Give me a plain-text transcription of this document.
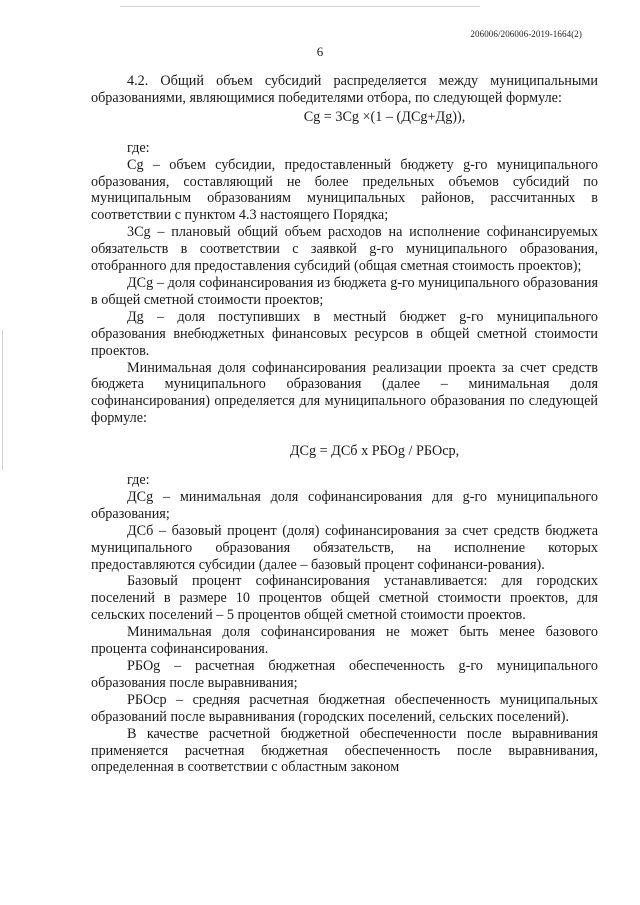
206006/206006-2019-1664(2)
6

4.2. Общий объем субсидий распределяется между муниципальными образованиями, являющимися победителями отбора, по следующей формуле:

Cg = 3Cg ×(1 – (ДCg+Дg)),

где:

Cg – объем субсидии, предоставленный бюджету g-го муниципального образования, составляющий не более предельных объемов субсидий по муниципальным образованиям муниципальных районов, рассчитанных в соответствии с пунктом 4.3 настоящего Порядка;

3Cg – плановый общий объем расходов на исполнение софинансируемых обязательств в соответствии с заявкой g-го муниципального образования, отобранного для предоставления субсидий (общая сметная стоимость проектов);

ДCg – доля софинансирования из бюджета g-го муниципального образования в общей сметной стоимости проектов;

Дg – доля поступивших в местный бюджет g-го муниципального образования внебюджетных финансовых ресурсов в общей сметной стоимости проектов.

Минимальная доля софинансирования реализации проекта за счет средств бюджета муниципального образования (далее – минимальная доля софинансирования) определяется для муниципального образования по следующей формуле:

ДCg = ДCб x РБОg / РБОср,

где:

ДCg – минимальная доля софинансирования для g-го муниципального образования;

ДCб – базовый процент (доля) софинансирования за счет средств бюджета муниципального образования обязательств, на исполнение которых предоставляются субсидии (далее – базовый процент софинанси-рования).

Базовый процент софинансирования устанавливается: для городских поселений в размере 10 процентов общей сметной стоимости проектов, для сельских поселений – 5 процентов общей сметной стоимости проектов.

Минимальная доля софинансирования не может быть менее базового процента софинансирования.

РБОg – расчетная бюджетная обеспеченность g-го муниципального образования после выравнивания;

РБОср – средняя расчетная бюджетная обеспеченность муниципальных образований после выравнивания (городских поселений, сельских поселений).

В качестве расчетной бюджетной обеспеченности после выравнивания применяется расчетная бюджетная обеспеченность после выравнивания, определенная в соответствии с областным законом
